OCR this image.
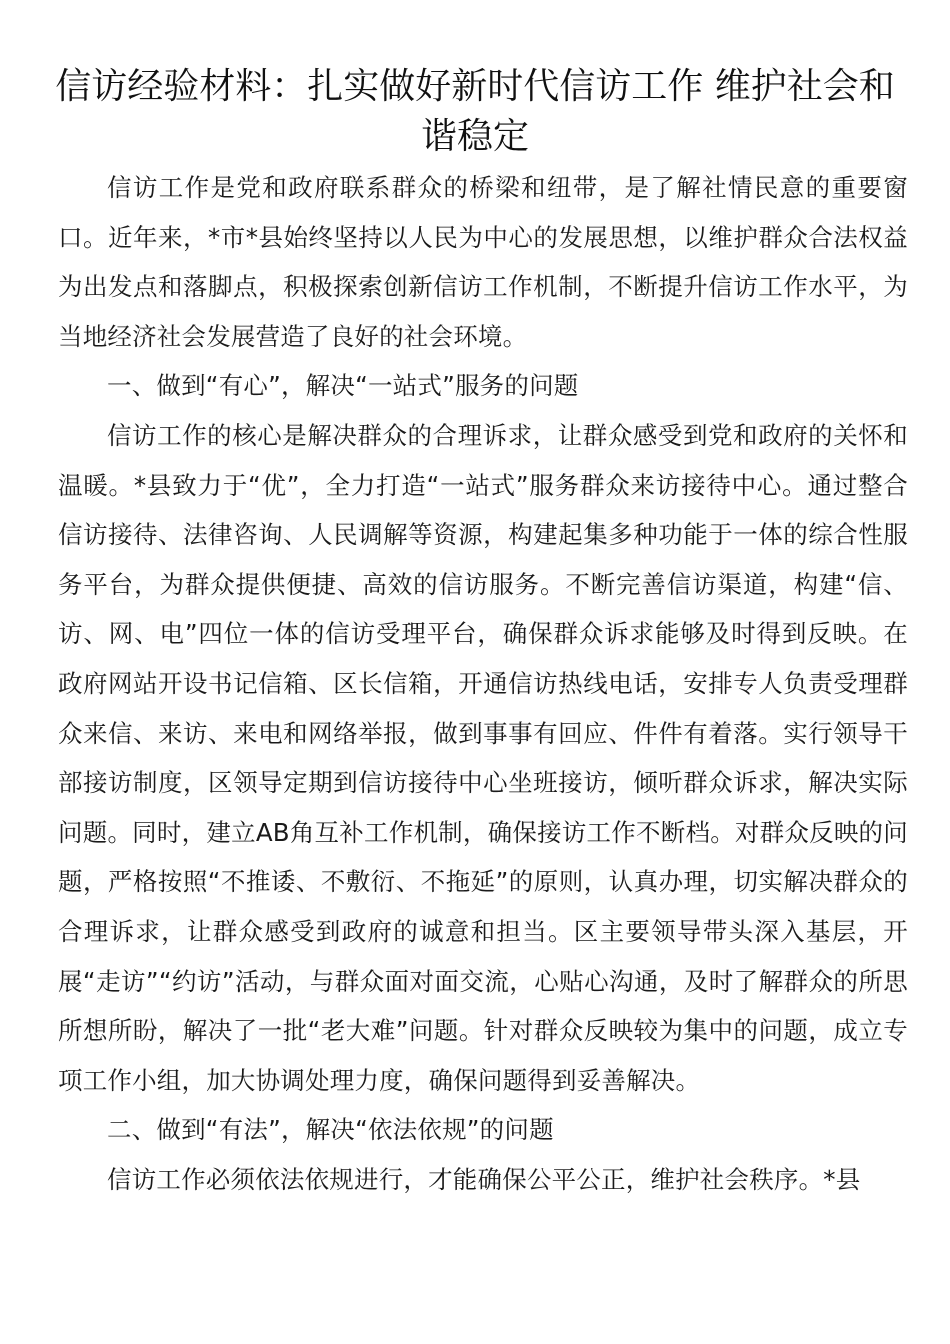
信访经验材料：扎实做好新时代信访工作 维护社会和谐稳定

信访工作是党和政府联系群众的桥梁和纽带，是了解社情民意的重要窗口。近年来，*市*县始终坚持以人民为中心的发展思想，以维护群众合法权益为出发点和落脚点，积极探索创新信访工作机制，不断提升信访工作水平，为当地经济社会发展营造了良好的社会环境。

一、做到“有心”，解决“一站式”服务的问题

信访工作的核心是解决群众的合理诉求，让群众感受到党和政府的关怀和温暖。*县致力于“优”，全力打造“一站式”服务群众来访接待中心。通过整合信访接待、法律咨询、人民调解等资源，构建起集多种功能于一体的综合性服务平台，为群众提供便捷、高效的信访服务。不断完善信访渠道，构建“信、访、网、电”四位一体的信访受理平台，确保群众诉求能够及时得到反映。在政府网站开设书记信箱、区长信箱，开通信访热线电话，安排专人负责受理群众来信、来访、来电和网络举报，做到事事有回应、件件有着落。实行领导干部接访制度，区领导定期到信访接待中心坐班接访，倾听群众诉求，解决实际问题。同时，建立AB角互补工作机制，确保接访工作不断档。对群众反映的问题，严格按照“不推诿、不敷衍、不拖延”的原则，认真办理，切实解决群众的合理诉求，让群众感受到政府的诚意和担当。区主要领导带头深入基层，开展“走访”“约访”活动，与群众面对面交流，心贴心沟通，及时了解群众的所思所想所盼，解决了一批“老大难”问题。针对群众反映较为集中的问题，成立专项工作小组，加大协调处理力度，确保问题得到妥善解决。

二、做到“有法”，解决“依法依规”的问题

信访工作必须依法依规进行，才能确保公平公正，维护社会秩序。*县
